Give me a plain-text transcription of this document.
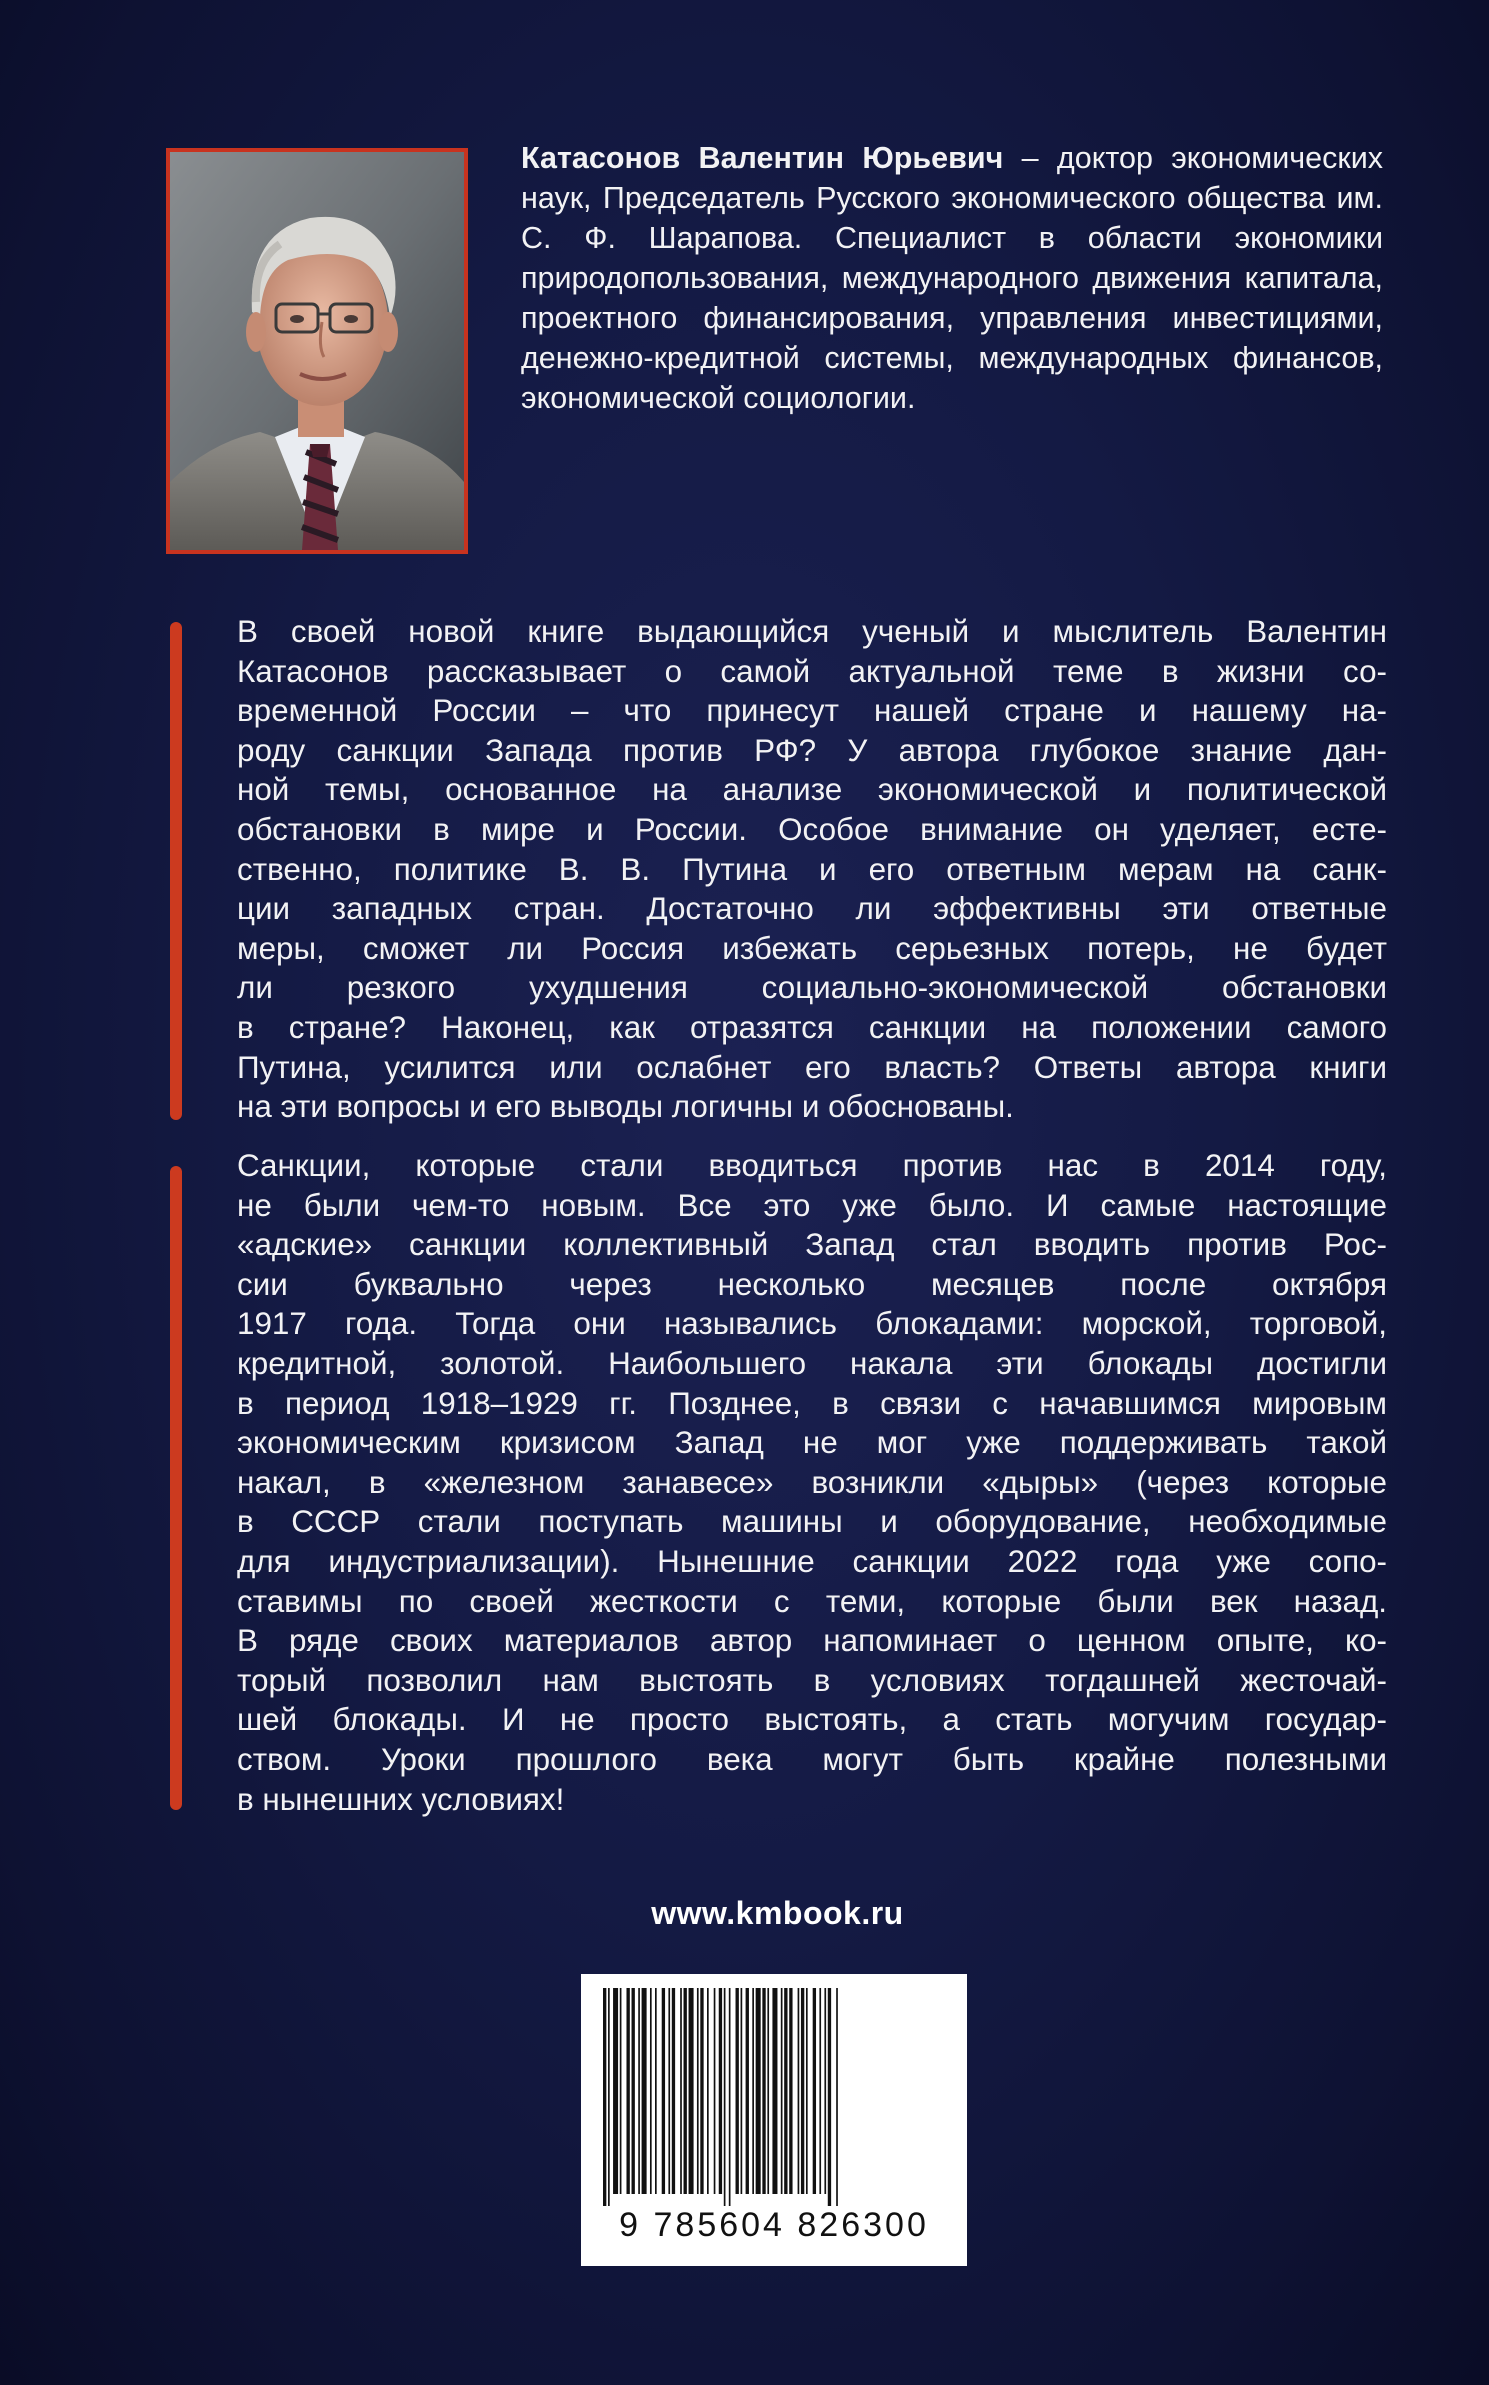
Катасонов Валентин Юрьевич – доктор экономических наук, Председатель Русского экономического общества им. С. Ф. Шарапова. Специалист в области экономики природопользования, международного движения капитала, проектного финансирования, управления инвестициями, денежно-кредитной системы, международных финансов, экономической социологии.
В своей новой книге выдающийся ученый и мыслитель Валентин
Катасонов рассказывает о самой актуальной теме в жизни со-
временной России – что принесут нашей стране и нашему на-
роду санкции Запада против РФ? У автора глубокое знание дан-
ной темы, основанное на анализе экономической и политической
обстановки в мире и России. Особое внимание он уделяет, есте-
ственно, политике В. В. Путина и его ответным мерам на санк-
ции западных стран. Достаточно ли эффективны эти ответные
меры, сможет ли Россия избежать серьезных потерь, не будет
ли резкого ухудшения социально-экономической обстановки
в стране? Наконец, как отразятся санкции на положении самого
Путина, усилится или ослабнет его власть? Ответы автора книги
на эти вопросы и его выводы логичны и обоснованы.
Санкции, которые стали вводиться против нас в 2014 году,
не были чем-то новым. Все это уже было. И самые настоящие
«адские» санкции коллективный Запад стал вводить против Рос-
сии буквально через несколько месяцев после октября
1917 года. Тогда они назывались блокадами: морской, торговой,
кредитной, золотой. Наибольшего накала эти блокады достигли
в период 1918–1929 гг. Позднее, в связи с начавшимся мировым
экономическим кризисом Запад не мог уже поддерживать такой
накал, в «железном занавесе» возникли «дыры» (через которые
в СССР стали поступать машины и оборудование, необходимые
для индустриализации). Нынешние санкции 2022 года уже сопо-
ставимы по своей жесткости с теми, которые были век назад.
В ряде своих материалов автор напоминает о ценном опыте, ко-
торый позволил нам выстоять в условиях тогдашней жесточай-
шей блокады. И не просто выстоять, а стать могучим государ-
ством. Уроки прошлого века могут быть крайне полезными
в нынешних условиях!
www.kmbook.ru
9 785604 826300
